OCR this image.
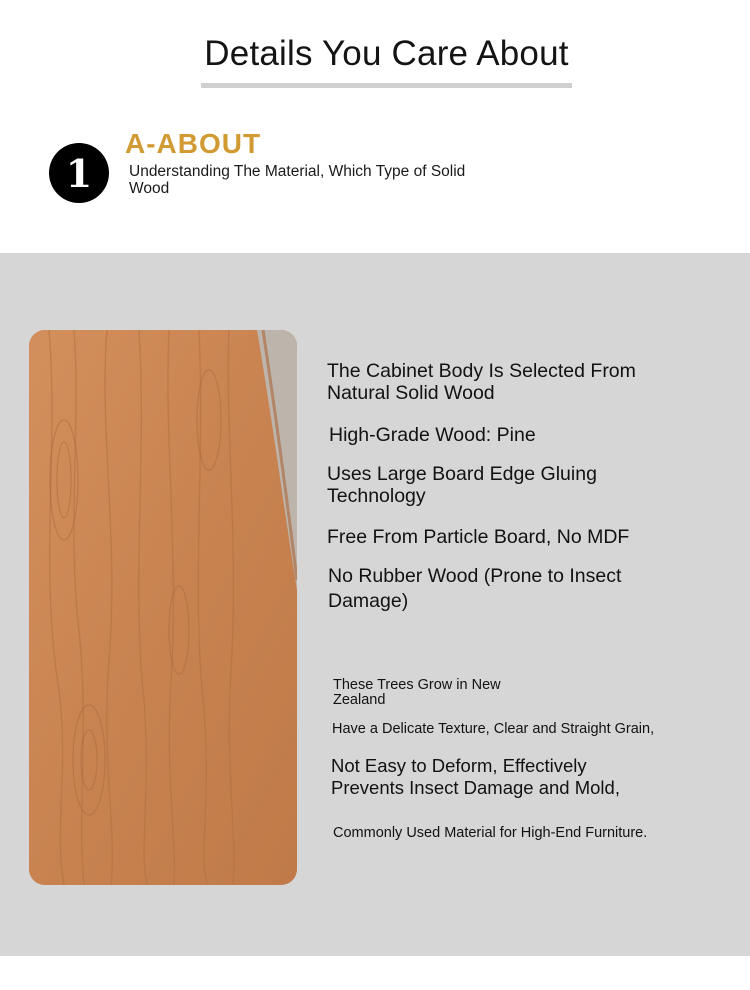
Details You Care About
1
A-ABOUT
Understanding The Material, Which Type of Solid Wood
The Cabinet Body Is Selected From Natural Solid Wood
High-Grade Wood: Pine
Uses Large Board Edge Gluing Technology
Free From Particle Board, No MDF
No Rubber Wood (Prone to Insect Damage)
These Trees Grow in New Zealand
Have a Delicate Texture, Clear and Straight Grain,
Not Easy to Deform, Effectively Prevents Insect Damage and Mold,
Commonly Used Material for High-End Furniture.
